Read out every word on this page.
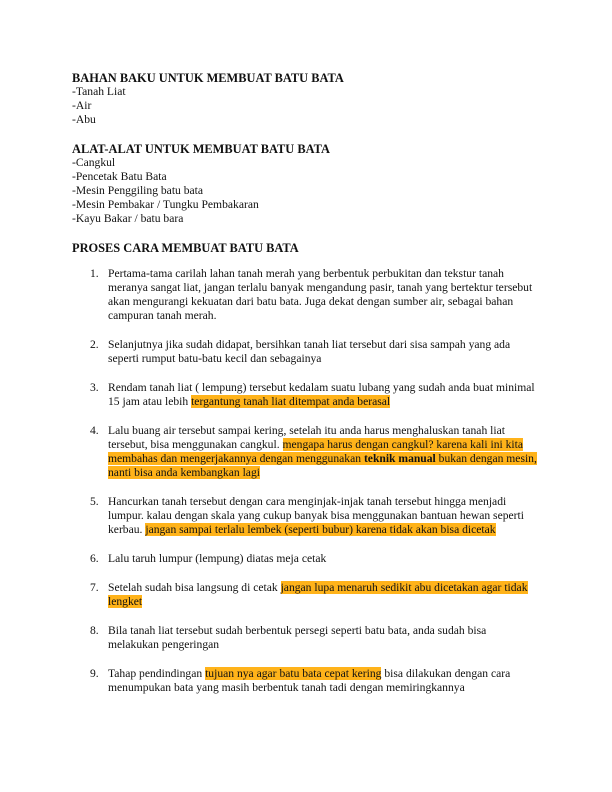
BAHAN BAKU UNTUK MEMBUAT BATU BATA

-Tanah Liat

-Air

-Abu

ALAT-ALAT UNTUK MEMBUAT BATU BATA

-Cangkul

-Pencetak Batu Bata

-Mesin Penggiling batu bata

-Mesin Pembakar / Tungku Pembakaran

-Kayu Bakar / batu bara

PROSES CARA MEMBUAT BATU BATA

1. Pertama-tama carilah lahan tanah merah yang berbentuk perbukitan dan tekstur tanah meranya sangat liat, jangan terlalu banyak mengandung pasir, tanah yang bertektur tersebut akan mengurangi kekuatan dari batu bata. Juga dekat dengan sumber air, sebagai bahan campuran tanah merah.
2. Selanjutnya jika sudah didapat, bersihkan tanah liat tersebut dari sisa sampah yang ada seperti rumput batu-batu kecil dan sebagainya
3. Rendam tanah liat ( lempung) tersebut kedalam suatu lubang yang sudah anda buat minimal 15 jam atau lebih tergantung tanah liat ditempat anda berasal
4. Lalu buang air tersebut sampai kering, setelah itu anda harus menghaluskan tanah liat tersebut, bisa menggunakan cangkul. mengapa harus dengan cangkul? karena kali ini kita membahas dan mengerjakannya dengan menggunakan teknik manual bukan dengan mesin, nanti bisa anda kembangkan lagi
5. Hancurkan tanah tersebut dengan cara menginjak-injak tanah tersebut hingga menjadi lumpur. kalau dengan skala yang cukup banyak bisa menggunakan bantuan hewan seperti kerbau. jangan sampai terlalu lembek (seperti bubur) karena tidak akan bisa dicetak
6. Lalu taruh lumpur (lempung) diatas meja cetak
7. Setelah sudah bisa langsung di cetak jangan lupa menaruh sedikit abu dicetakan agar tidak lengket
8. Bila tanah liat tersebut sudah berbentuk persegi seperti batu bata, anda sudah bisa melakukan pengeringan
9. Tahap pendindingan tujuan nya agar batu bata cepat kering bisa dilakukan dengan cara menumpukan bata yang masih berbentuk tanah tadi dengan memiringkannya
